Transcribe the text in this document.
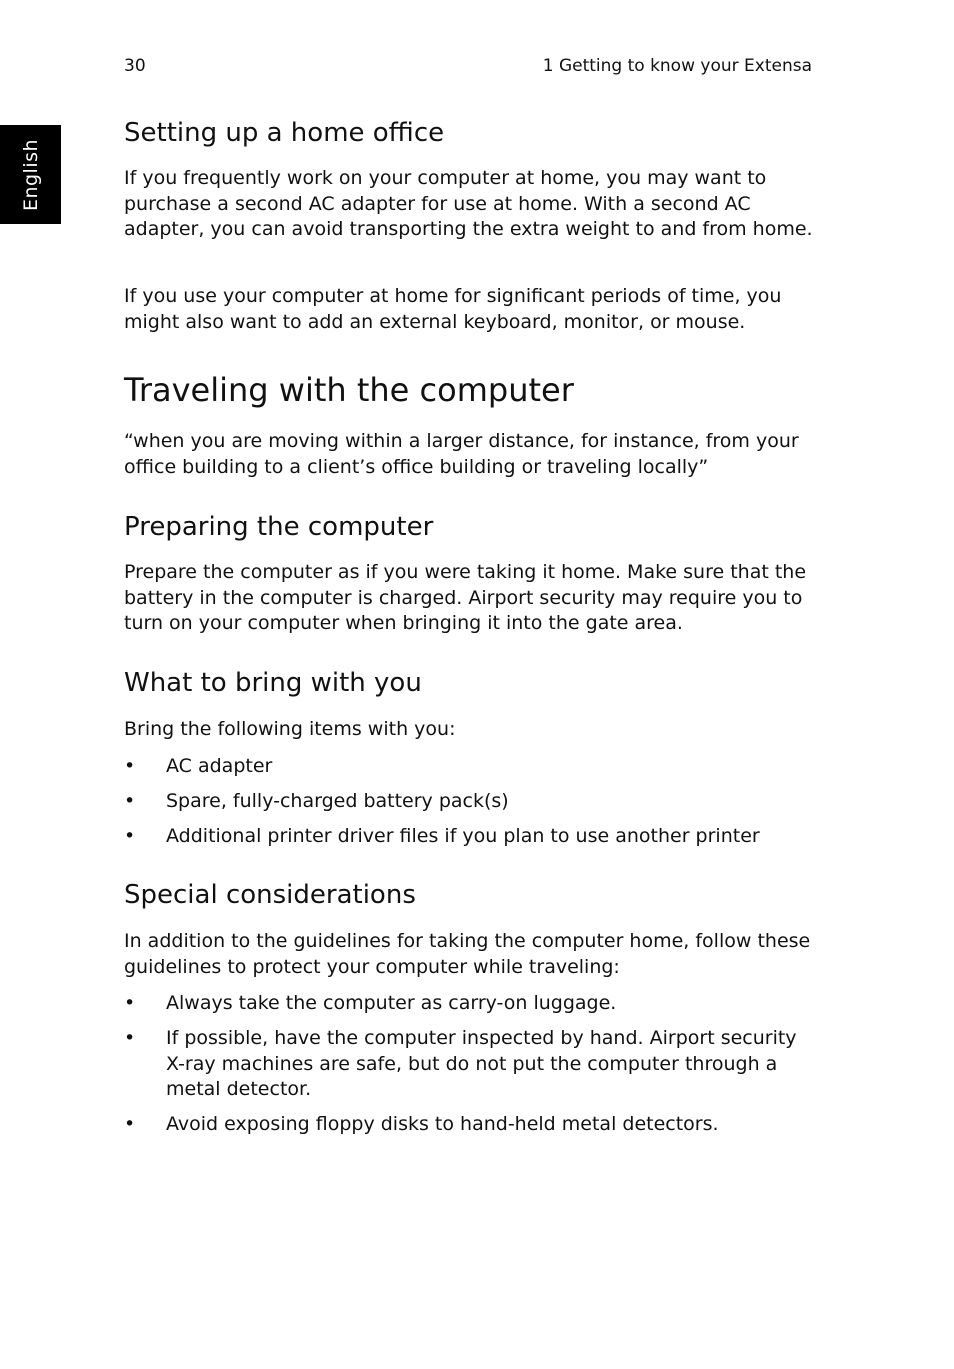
30	1 Getting to know your Extensa
English
Setting up a home office

If you frequently work on your computer at home, you may want to purchase a second AC adapter for use at home. With a second AC adapter, you can avoid transporting the extra weight to and from home.

If you use your computer at home for significant periods of time, you might also want to add an external keyboard, monitor, or mouse.

Traveling with the computer

“when you are moving within a larger distance, for instance, from your office building to a client’s office building or traveling locally”

Preparing the computer

Prepare the computer as if you were taking it home. Make sure that the battery in the computer is charged. Airport security may require you to turn on your computer when bringing it into the gate area.

What to bring with you

Bring the following items with you:

• AC adapter
• Spare, fully-charged battery pack(s)
• Additional printer driver files if you plan to use another printer
Special considerations

In addition to the guidelines for taking the computer home, follow these guidelines to protect your computer while traveling:

• Always take the computer as carry-on luggage.
• If possible, have the computer inspected by hand. Airport security X-ray machines are safe, but do not put the computer through a metal detector.
• Avoid exposing floppy disks to hand-held metal detectors.
